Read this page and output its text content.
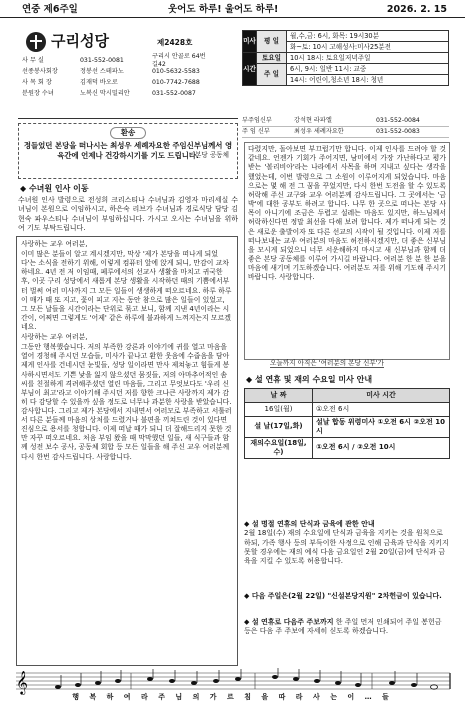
연중 제6주일	웃어도 하루! 울어도 하루!	2026. 2. 15
구리성당	제2428호
사 무 실	031-552-0081
구리시 안골로 64번길42
선종봉사회장	정봉선 스테파노	010-5632-5583
사 목 회 장	김재덕 바오로	010-7742-7688
분원장 수녀	노복신 막시밀리안	031-552-0087
미사	평 일	월,수,금: 6시, 화목: 19시30분
		화~토: 10시 고해성사:미사25분전
시간	토요일	10시 18시: 토요일저녁주일
	주 일	6시, 9시: 일반 11시: 교중
		14시: 어린이,청소년 18시: 청년
부주임신부	강석현 라파엘	031-552-0084
주 임 신부	최성우 세례자요한	031-552-0083
환송
정들었던 본당을 떠나시는 최성우 세례자요한 주임신부님께서 영육간에 언제나 건강하시기를 기도 드립니다.
- 본당 공동체
◆ 수녀원 인사 이동
수녀원 인사 발령으로 전성희 크리스티나 수녀님과 김영자 마리세실 수녀님이 본원으로 이임하시고, 하은숙 리브가 수녀님과 경로식당 담당 김현숙 파우스티나 수녀님이 부임하십니다. 가시고 오시는 수녀님을 위하여 기도 부탁드립니다.

사랑하는 교우 여러분,

이미 많은 분들이 알고 계시겠지만, 막상 '제가 본당을 떠나게 되었다'는 소식을 전하기 위해, 이렇게 컴퓨터 앞에 앉게 되니, 만감이 교차하네요. 4년 전 저 이임때, 페루에서의 선교사 생활을 마치고 귀국한 후, 이곳 구리 성당에서 새롭게 본당 생활을 시작하던 때의 기쁨에서부터 벌써 여러 미사까지 그 모든 일들이 생생하게 떠오르네요. 하루 하루 이 매가 때 또 지고, 꽃이 피고 지는 동안 참으로 많은 일들이 있었고, 그 모든 날들을 시간이라는 단위로 묶고 보니, 함께 지낸 4년이라는 시간이, 어쩌면 그렇게도 '어제' 같은 하루에 불과하게 느껴지는지 모르겠네요.

사랑하는 교우 여러분,

그동안 행복했습니다. 저의 부족한 강론과 이야기에 귀를 열고 마음을 열어 경청해 주시던 모습들, 미사가 끝나고 환한 웃음에 수줍음을 담아 제게 인사를 건네시던 눈빛들, 성당 일이라면 만사 제쳐놓고 힘들게 봉사하시면서도 기쁜 낯을 잃지 않으셨던 뭄짓들, 저의 아마추어적인 솜씨를 친절하게 격려해주셨던 열린 마음들, 그리고 무엇보다도 '우리 신부님이 최고'라고 이야기해 주시던 저를 향한 크나큰 사랑까지 제가 감히 다 감당할 수 있을까 싶을 정도로 너무나 과분한 사랑을 받았습니다. 감사합니다. 그리고 제가 본당에서 지내면서 여러모로 부족하고 서툴러서 다른 분들께 마음의 상처를 드렸거나 불편을 끼쳐드린 것이 있다면 진심으로 용서를 청합니다. 이제 떠날 때가 되니 더 잘해드리지 못한 것만 자꾸 떠오르네요. 처음 부임 왔을 때 막막했던 일들, 새 식구들과 함께 성전 보수 공사, 공동체 회합 등 모든 일들을 해 주신 교우 여러분께 다시 한번 감사드립니다. 사랑합니다.

다렸지만, 돌아보면 부끄럽기만 합니다. 이제 인사를 드려야 할 것 같네요. 언젠가 기회가 주어지면, 남미에서 가장 가난하다고 평가받는 '볼리비아'라는 나라에서 사목을 하며 지내고 싶다는 생각을 했었는데, 이번 발령으로 그 소원이 이루어지게 되었습니다. 마음으로는 몇 해 전 그 꿈을 꾸었지만, 다시 한번 도전을 할 수 있도록 허락해 주신 교구와 교우 여러분께 감사드립니다. 그 곳에서는 '금박'에 대한 공부도 하려고 합니다. 나무 한 곳으로 떠나는 본당 사목이 아니기에 조금은 두렵고 설레는 마음도 있지만, 하느님께서 허락하신다면 정말 최선을 다해 보려 합니다. 제가 떠나게 되는 것은 새로운 출발이자 또 다른 선교의 시작이 될 것입니다. 이제 저를 떠나보내는 교우 여러분의 마음도 허전하시겠지만, 더 좋은 신부님을 모시게 되었으니 너무 서운해하지 마시고 새 신부님과 함께 더 좋은 본당 공동체를 이루어 가시길 바랍니다. 여러분 한 분 한 분을 마음에 새기며 기도하겠습니다. 여러분도 저를 위해 기도해 주시기 바랍니다. 사랑합니다.
오늘까지 아직은 '여러분의 본당 신부'가
◆ 설 연휴 및 재의 수요일 미사 안내
날 짜	미사 시간
16일(월)	①오전 6시
설 날(17일,화)	설날 합동 위령미사 ①오전 6시 ②오전 10시
재의수요일(18일,수)	①오전 6시 / ②오전 10시
◆ 설 명절 연휴의 단식과 금육에 관한 안내
2월 18일(수) 재의 수요일에 단식과 금육을 지키는 것을 원칙으로 하되, 가족 행사 등의 부득이한 사정으로 인해 금육과 단식을 지키지 못할 경우에는 재의 예식 다음 금요일인 2월 20일(금)에 단식과 금육을 지킬 수 있도록 허용합니다.
◆ 다음 주일은(2월 22일) "신설본당지원" 2차헌금이 있습니다.
◆ 설 연휴로 다음주 주보까지 한 주일 먼저 인쇄되어 주일 봉헌금 등은 다음 주 주보에 자세히 싣도록 하겠습니다.
𝄞
행 복 하 여 라 주 님 의 가 르 침 을 따 라 사 는 이 … 들
